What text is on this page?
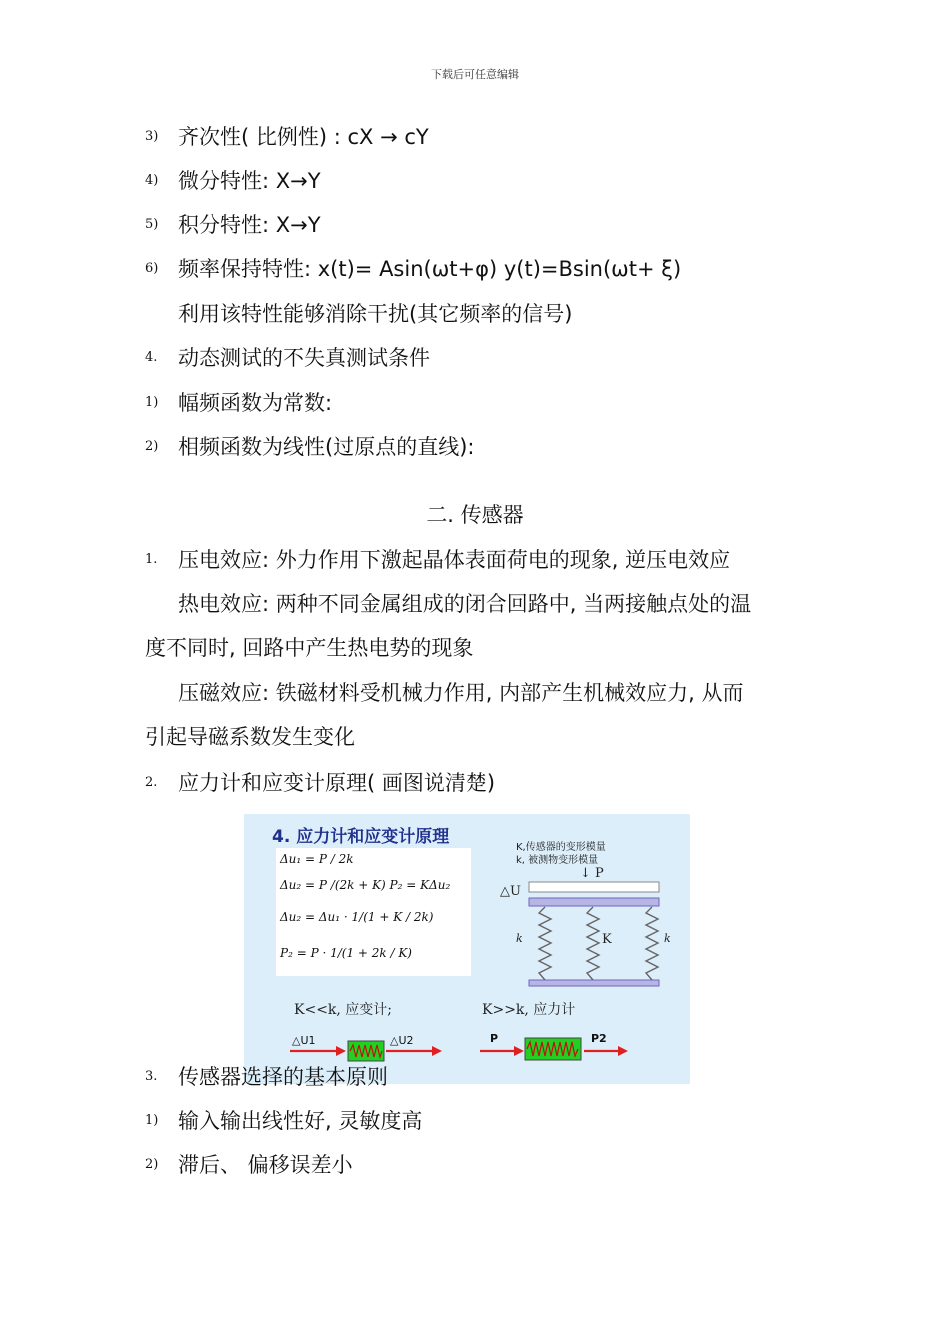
下载后可任意编辑
3) 齐次性( 比例性) : cX → cY
4) 微分特性: X→Y
5) 积分特性: X→Y
6) 频率保持特性: x(t)= Asin(ωt+φ) y(t)=Bsin(ωt+ ξ)
利用该特性能够消除干扰(其它频率的信号)
4. 动态测试的不失真测试条件
1) 幅频函数为常数:
2) 相频函数为线性(过原点的直线):
二. 传感器
1. 压电效应: 外力作用下激起晶体表面荷电的现象, 逆压电效应
热电效应: 两种不同金属组成的闭合回路中, 当两接触点处的温
度不同时, 回路中产生热电势的现象
压磁效应: 铁磁材料受机械力作用, 内部产生机械效应力, 从而
引起导磁系数发生变化
2. 应力计和应变计原理( 画图说清楚)
4. 应力计和应变计原理
Δu₁ = P / 2k
Δu₂ = P /(2k + K) P₂ = KΔu₂
Δu₂ = Δu₁ · 1/(1 + K / 2k)
P₂ = P · 1/(1 + 2k / K)
K,传感器的变形模量
k, 被测物变形模量
↓ P
△U
k	K	k
K<<k, 应变计;	K>>k, 应力计
△U1	△U2	P	P2
3. 传感器选择的基本原则
1) 输入输出线性好, 灵敏度高
2) 滞后、 偏移误差小
